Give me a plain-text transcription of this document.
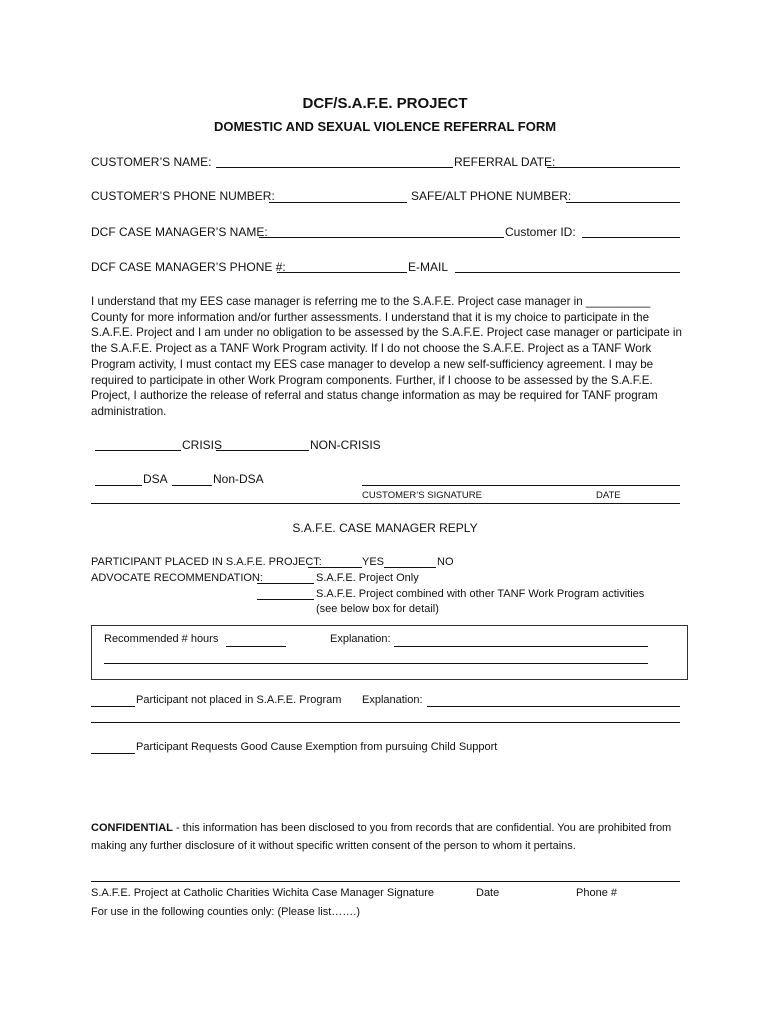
DCF/S.A.F.E. PROJECT
DOMESTIC AND SEXUAL VIOLENCE REFERRAL FORM
CUSTOMER’S NAME:	REFERRAL DATE:
CUSTOMER’S PHONE NUMBER:	SAFE/ALT PHONE NUMBER:
DCF CASE MANAGER’S NAME:	Customer ID:
DCF CASE MANAGER’S PHONE #:	E-MAIL
I understand that my EES case manager is referring me to the S.A.F.E. Project case manager in __________ County for more information and/or further assessments. I understand that it is my choice to participate in the S.A.F.E. Project and I am under no obligation to be assessed by the S.A.F.E. Project case manager or participate in the S.A.F.E. Project as a TANF Work Program activity. If I do not choose the S.A.F.E. Project as a TANF Work Program activity, I must contact my EES case manager to develop a new self-sufficiency agreement. I may be required to participate in other Work Program components. Further, if I choose to be assessed by the S.A.F.E. Project, I authorize the release of referral and status change information as may be required for TANF program administration.
CRISIS	NON-CRISIS
DSA	Non-DSA
CUSTOMER’S SIGNATURE	DATE
S.A.F.E. CASE MANAGER REPLY
PARTICIPANT PLACED IN S.A.F.E. PROJECT:	YES	NO
ADVOCATE RECOMMENDATION:	S.A.F.E. Project Only
S.A.F.E. Project combined with other TANF Work Program activities
(see below box for detail)
Recommended # hours	Explanation:
Participant not placed in S.A.F.E. Program Explanation:
Participant Requests Good Cause Exemption from pursuing Child Support
CONFIDENTIAL - this information has been disclosed to you from records that are confidential. You are prohibited from making any further disclosure of it without specific written consent of the person to whom it pertains.
S.A.F.E. Project at Catholic Charities Wichita Case Manager Signature	Date	Phone #
For use in the following counties only: (Please list…….)
